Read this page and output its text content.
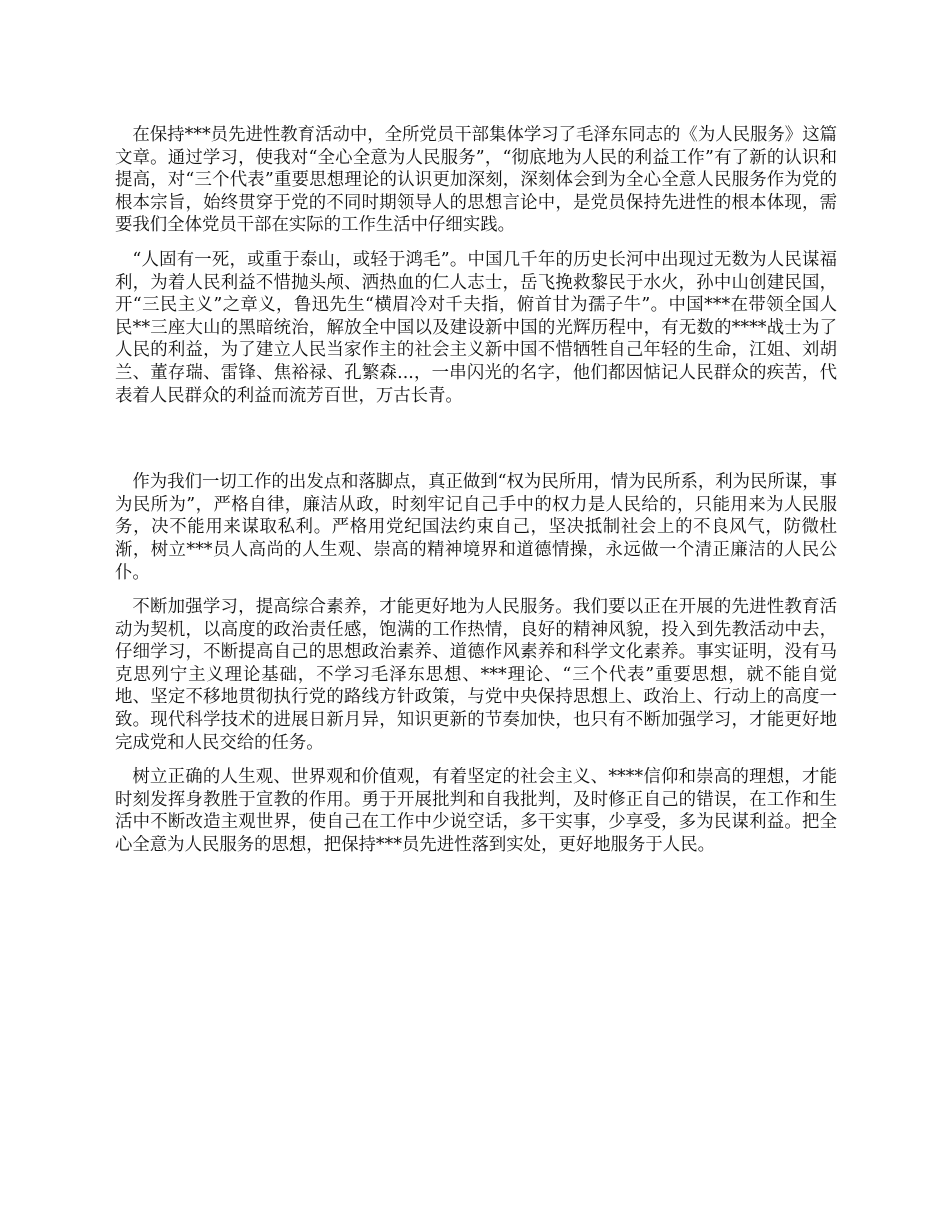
在保持***员先进性教育活动中，全所党员干部集体学习了毛泽东同志的《为人民服务》这篇文章。通过学习，使我对“全心全意为人民服务”，“彻底地为人民的利益工作”有了新的认识和提高，对“三个代表”重要思想理论的认识更加深刻，深刻体会到为全心全意人民服务作为党的根本宗旨，始终贯穿于党的不同时期领导人的思想言论中，是党员保持先进性的根本体现，需要我们全体党员干部在实际的工作生活中仔细实践。

“人固有一死，或重于泰山，或轻于鸿毛”。中国几千年的历史长河中出现过无数为人民谋福利，为着人民利益不惜抛头颅、洒热血的仁人志士，岳飞挽救黎民于水火，孙中山创建民国，开“三民主义”之章义，鲁迅先生“横眉冷对千夫指，俯首甘为孺子牛”。中国***在带领全国人民**三座大山的黑暗统治，解放全中国以及建设新中国的光辉历程中，有无数的****战士为了人民的利益，为了建立人民当家作主的社会主义新中国不惜牺牲自己年轻的生命，江姐、刘胡兰、董存瑞、雷锋、焦裕禄、孔繁森...，一串闪光的名字，他们都因惦记人民群众的疾苦，代表着人民群众的利益而流芳百世，万古长青。

作为我们一切工作的出发点和落脚点，真正做到“权为民所用，情为民所系，利为民所谋，事为民所为”，严格自律，廉洁从政，时刻牢记自己手中的权力是人民给的，只能用来为人民服务，决不能用来谋取私利。严格用党纪国法约束自己，坚决抵制社会上的不良风气，防微杜渐，树立***员人高尚的人生观、崇高的精神境界和道德情操，永远做一个清正廉洁的人民公仆。

不断加强学习，提高综合素养，才能更好地为人民服务。我们要以正在开展的先进性教育活动为契机，以高度的政治责任感，饱满的工作热情，良好的精神风貌，投入到先教活动中去，仔细学习，不断提高自己的思想政治素养、道德作风素养和科学文化素养。事实证明，没有马克思列宁主义理论基础，不学习毛泽东思想、***理论、“三个代表”重要思想，就不能自觉地、坚定不移地贯彻执行党的路线方针政策，与党中央保持思想上、政治上、行动上的高度一致。现代科学技术的进展日新月异，知识更新的节奏加快，也只有不断加强学习，才能更好地完成党和人民交给的任务。

树立正确的人生观、世界观和价值观，有着坚定的社会主义、****信仰和崇高的理想，才能时刻发挥身教胜于宣教的作用。勇于开展批判和自我批判，及时修正自己的错误，在工作和生活中不断改造主观世界，使自己在工作中少说空话，多干实事，少享受，多为民谋利益。把全心全意为人民服务的思想，把保持***员先进性落到实处，更好地服务于人民。
